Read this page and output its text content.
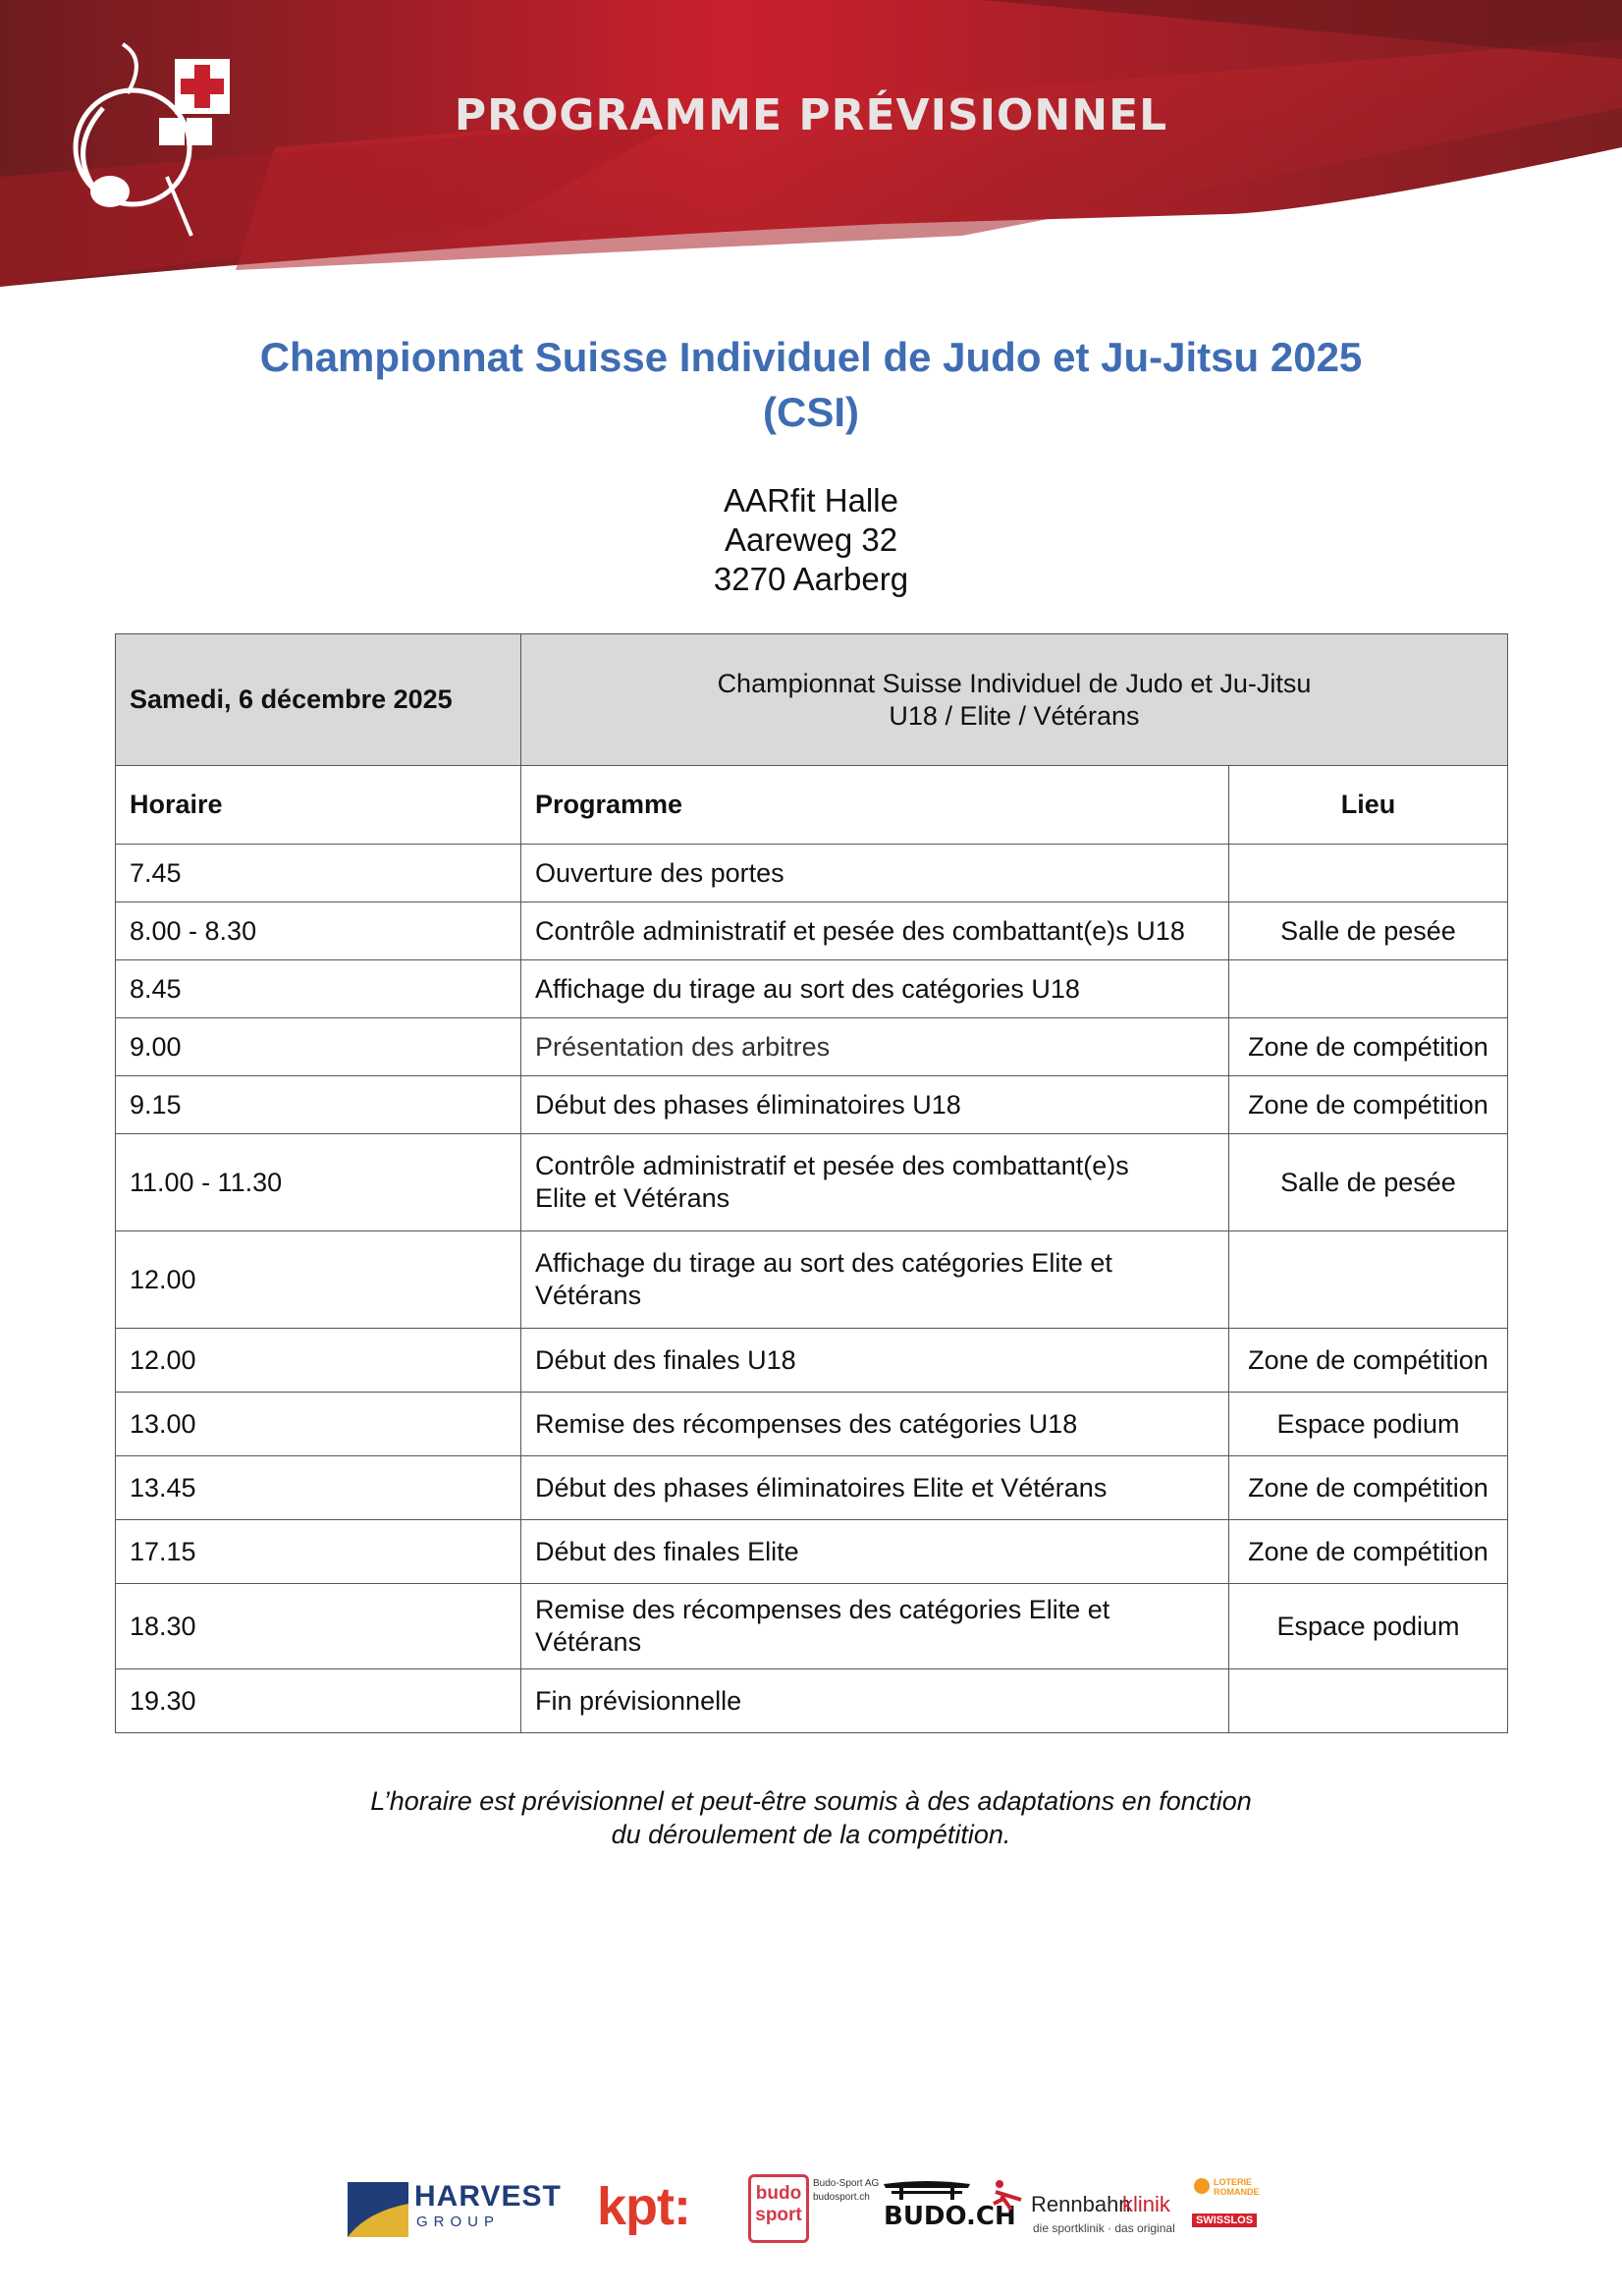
PROGRAMME PRÉVISIONNEL
Championnat Suisse Individuel de Judo et Ju-Jitsu 2025
(CSI)
AARfit Halle
Aareweg 32
3270 Aarberg
Samedi, 6 décembre 2025	Championnat Suisse Individuel de Judo et Ju-Jitsu
U18 / Elite / Vétérans	

Horaire	Programme	Lieu
7.45	Ouverture des portes	
8.00 - 8.30	Contrôle administratif et pesée des combattant(e)s U18	Salle de pesée
8.45	Affichage du tirage au sort des catégories U18	
9.00	Présentation des arbitres	Zone de compétition
9.15	Début des phases éliminatoires U18	Zone de compétition
11.00 - 11.30	Contrôle administratif et pesée des combattant(e)s
Elite et Vétérans	Salle de pesée
12.00	Affichage du tirage au sort des catégories Elite et
Vétérans	

12.00	Début des finales U18	Zone de compétition
13.00	Remise des récompenses des catégories U18	Espace podium
13.45	Début des phases éliminatoires Elite et Vétérans	Zone de compétition
17.15	Début des finales Elite	Zone de compétition
18.30	Remise des récompenses des catégories Elite et
Vétérans	Espace podium
19.30	Fin prévisionnelle	
L’horaire est prévisionnel et peut-être soumis à des adaptations en fonction
du déroulement de la compétition.
HARVEST
GROUP kpt:	budo
sport
Budo-Sport AG
budosport.ch
BUDO.CH Rennbahn
klinik
die sportklinik · das original
LOTERIE
ROMANDE
SWISSLOS
